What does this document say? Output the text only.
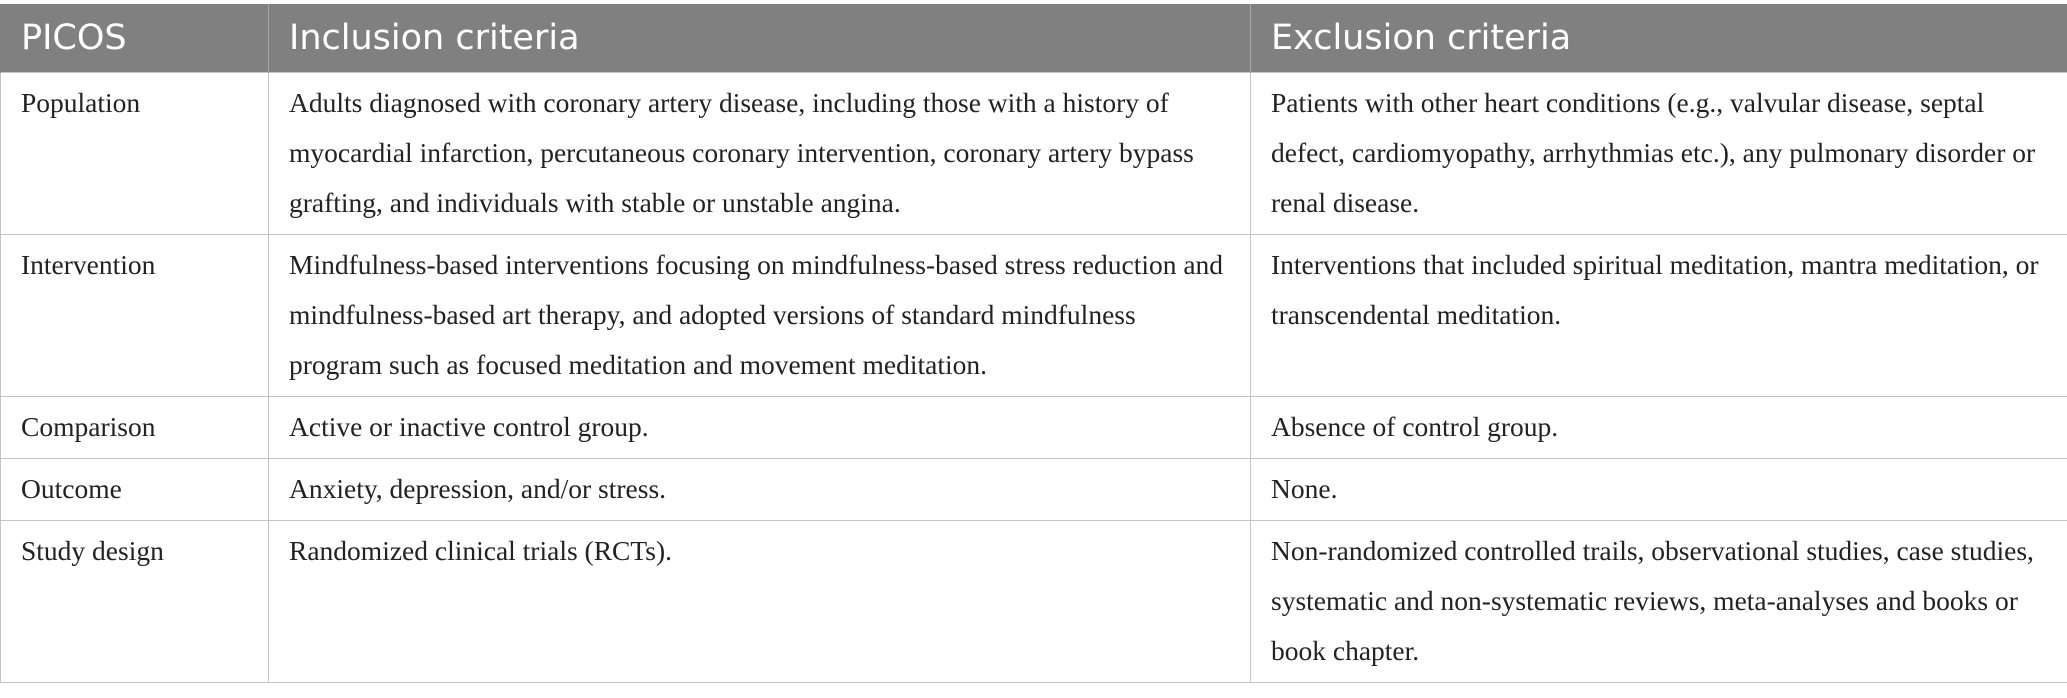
PICOS	Inclusion criteria	Exclusion criteria
Population	Adults diagnosed with coronary artery disease, including those with a history of myocardial infarction, percutaneous coronary intervention, coronary artery bypass grafting, and individuals with stable or unstable angina.	Patients with other heart conditions (e.g., valvular disease, septal defect, cardiomyopathy, arrhythmias etc.), any pulmonary disorder or renal disease.
Intervention	Mindfulness-based interventions focusing on mindfulness-based stress reduction and mindfulness-based art therapy, and adopted versions of standard mindfulness program such as focused meditation and movement meditation.	Interventions that included spiritual meditation, mantra meditation, or transcendental meditation.
Comparison	Active or inactive control group.	Absence of control group.
Outcome	Anxiety, depression, and/or stress.	None.
Study design	Randomized clinical trials (RCTs).	Non-randomized controlled trails, observational studies, case studies, systematic and non-systematic reviews, meta-analyses and books or book chapter.
